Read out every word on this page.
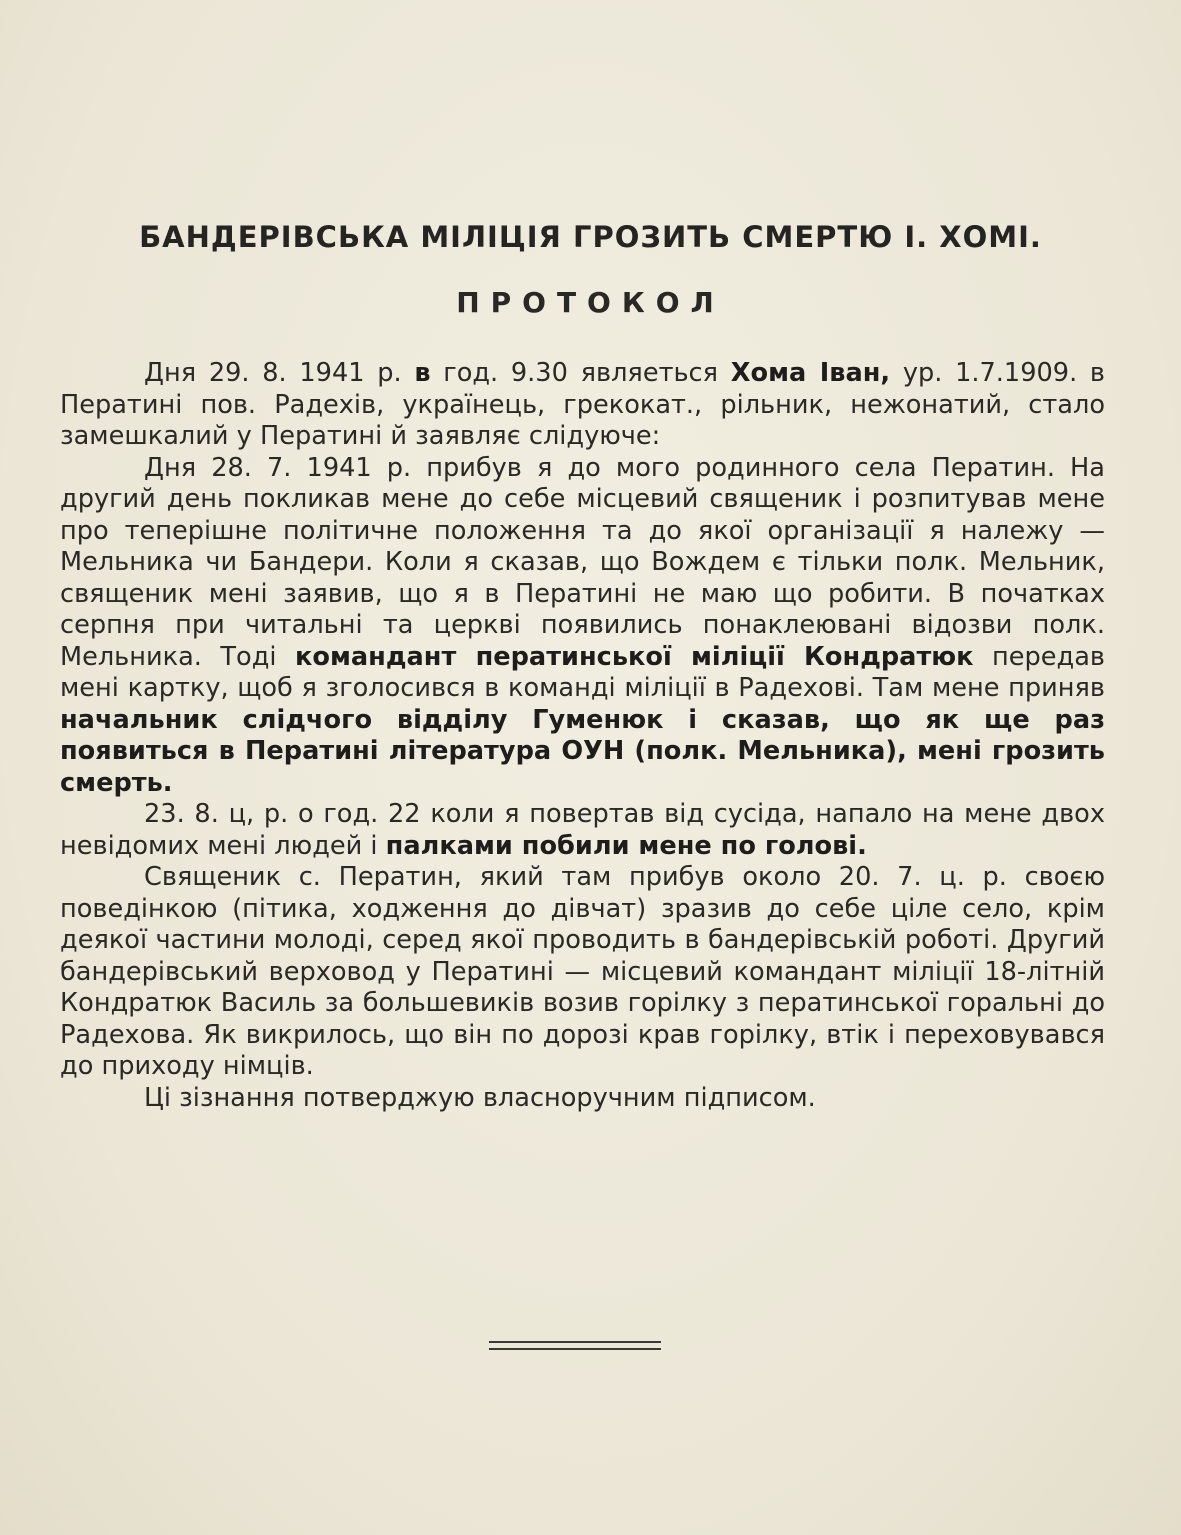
БАНДЕРІВСЬКА МІЛІЦІЯ ГРОЗИТЬ СМЕРТЮ І. ХОМІ.
ПРОТОКОЛ

Дня 29. 8. 1941 р. в год. 9.30 являеться Хома Іван, ур. 1.7.1909. в Ператині пов. Радехів, українець, грекокат., рільник, нежонатий, стало замешкалий у Ператині й заявляє слідуюче:

Дня 28. 7. 1941 р. прибув я до мого родинного села Ператин. На другий день покликав мене до себе місцевий священик і розпитував мене про теперішне політичне положення та до якої організації я належу — Мельника чи Бандери. Коли я сказав, що Вождем є тільки полк. Мельник, священик мені заявив, що я в Ператині не маю що робити. В початках серпня при читальні та церкві появились понаклеювані відозви полк. Мельника. Тоді командант ператинської міліції Кондратюк передав мені картку, щоб я зголосився в команді міліції в Радехові. Там мене приняв начальник слідчого відділу Гуменюк і сказав, що як ще раз появиться в Ператині література ОУН (полк. Мельника), мені грозить смерть.

23. 8. ц, р. о год. 22 коли я повертав від сусіда, напало на мене двох невідомих мені людей і палками побили мене по голові.

Священик с. Ператин, який там прибув около 20. 7. ц. р. своєю поведінкою (пітика, ходження до дівчат) зразив до себе ціле село, крім деякої частини молоді, серед якої проводить в бандерівській роботі. Другий бандерівський верховод у Ператині — місцевий командант міліції 18-літній Кондратюк Василь за большевиків возив горілку з ператинської горальні до Радехова. Як викрилось, що він по дорозі крав горілку, втік і переховувався до приходу німців.

Ці зізнання потверджую власноручним підписом.
